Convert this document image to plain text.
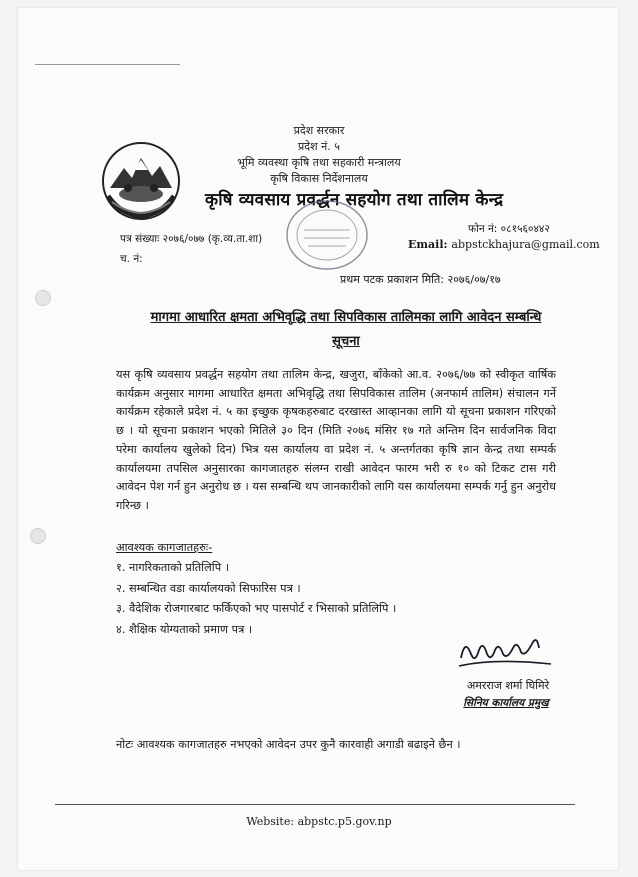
प्रदेश सरकार
प्रदेश नं. ५
भूमि व्यवस्था कृषि तथा सहकारी मन्त्रालय
कृषि विकास निर्देशनालय
कृषि व्यवसाय प्रवर्द्धन सहयोग तथा तालिम केन्द्र
फोन नं: ०८१५६०४४२
Email: abpstckhajura@gmail.com
पत्र संख्याः २०७६/०७७ (कृ.व्य.ता.शा)
च. नं:
प्रथम पटक प्रकाशन मिति: २०७६/०७/१७
मागमा आधारित क्षमता अभिवृद्धि तथा सिपविकास तालिमका लागि आवेदन सम्बन्धि
सूचना
यस कृषि व्यवसाय प्रवर्द्धन सहयोग तथा तालिम केन्द्र, खजुरा, बाँकेको आ.व. २०७६/७७ को स्वीकृत वार्षिक कार्यक्रम अनुसार मागमा आधारित क्षमता अभिवृद्धि तथा सिपविकास तालिम (अनफार्म तालिम) संचालन गर्ने कार्यक्रम रहेकाले प्रदेश नं. ५ का इच्छुक कृषकहरुबाट दरखास्त आव्हानका लागि यो सूचना प्रकाशन गरिएको छ । यो सूचना प्रकाशन भएको मितिले ३० दिन (मिति २०७६ मंसिर १७ गते अन्तिम दिन सार्वजनिक विदा परेमा कार्यालय खुलेको दिन) भित्र यस कार्यालय वा प्रदेश नं. ५ अन्तर्गतका कृषि ज्ञान केन्द्र तथा सम्पर्क कार्यालयमा तपसिल अनुसारका कागजातहरु संलग्न राखी आवेदन फारम भरी रु १० को टिकट टास गरी आवेदन पेश गर्न हुन अनुरोध छ । यस सम्बन्धि थप जानकारीको लागि यस कार्यालयमा सम्पर्क गर्नु हुन अनुरोध गरिन्छ ।
आवश्यक कागजातहरुः-
१. नागरिकताको प्रतिलिपि ।
२. सम्बन्धित वडा कार्यालयको सिफारिस पत्र ।
३. वैदेशिक रोजगारबाट फर्किएको भए पासपोर्ट र भिसाको प्रतिलिपि ।
४. शैक्षिक योग्यताको प्रमाण पत्र ।
अमरराज शर्मा घिमिरे
सिनिय कार्यालय प्रमुख
नोटः आवश्यक कागजातहरु नभएको आवेदन उपर कुनै कारवाही अगाडी बढाइने छैन ।
Website: abpstc.p5.gov.np
